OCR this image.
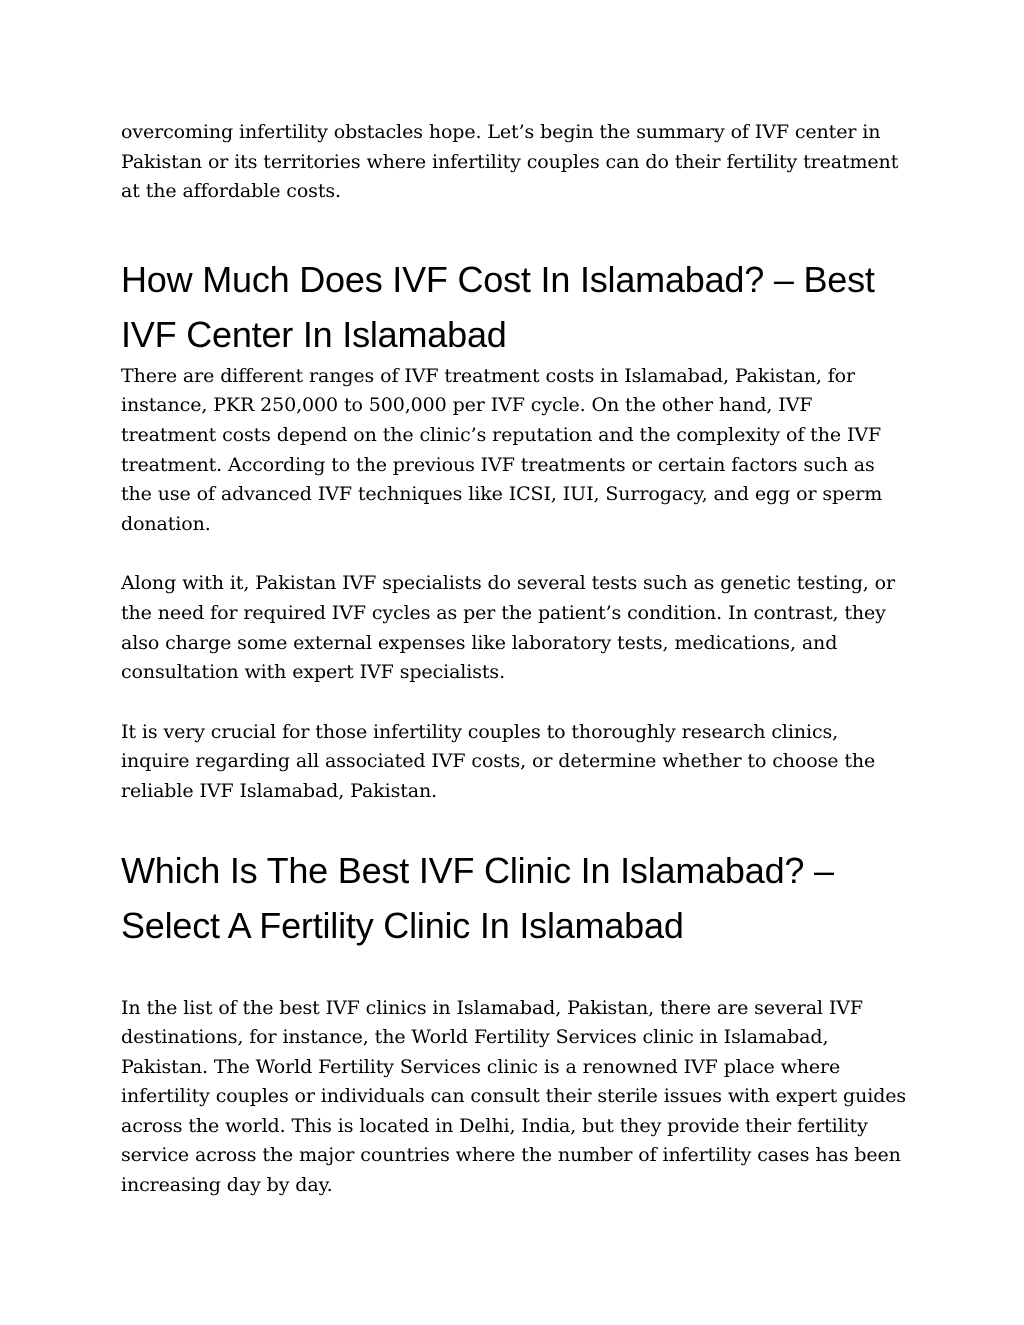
overcoming infertility obstacles hope. Let’s begin the summary of IVF center in Pakistan or its territories where infertility couples can do their fertility treatment at the affordable costs.

How Much Does IVF Cost In Islamabad? – Best IVF Center In Islamabad

There are different ranges of IVF treatment costs in Islamabad, Pakistan, for instance, PKR 250,000 to 500,000 per IVF cycle. On the other hand, IVF treatment costs depend on the clinic’s reputation and the complexity of the IVF treatment. According to the previous IVF treatments or certain factors such as the use of advanced IVF techniques like ICSI, IUI, Surrogacy, and egg or sperm donation.

Along with it, Pakistan IVF specialists do several tests such as genetic testing, or the need for required IVF cycles as per the patient’s condition. In contrast, they also charge some external expenses like laboratory tests, medications, and consultation with expert IVF specialists.

It is very crucial for those infertility couples to thoroughly research clinics, inquire regarding all associated IVF costs, or determine whether to choose the reliable IVF Islamabad, Pakistan.

Which Is The Best IVF Clinic In Islamabad? – Select A Fertility Clinic In Islamabad

In the list of the best IVF clinics in Islamabad, Pakistan, there are several IVF destinations, for instance, the World Fertility Services clinic in Islamabad, Pakistan. The World Fertility Services clinic is a renowned IVF place where infertility couples or individuals can consult their sterile issues with expert guides across the world. This is located in Delhi, India, but they provide their fertility service across the major countries where the number of infertility cases has been increasing day by day.
